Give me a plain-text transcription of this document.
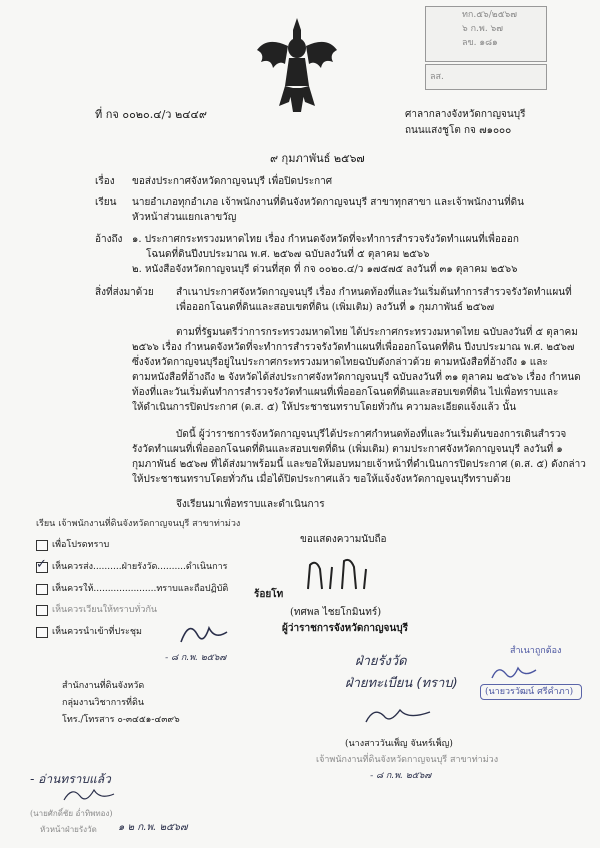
ทก.๕๖/๒๕๖๗
๖ ก.พ. ๖๗
ลข. ๑๘๑
ลส.
ที่ กจ ๐๐๒๐.๔/ว ๒๔๔๙	ศาลากลางจังหวัดกาญจนบุรี
ถนนแสงชูโต กจ ๗๑๐๐๐
๙ กุมภาพันธ์ ๒๕๖๗
เรื่อง ขอส่งประกาศจังหวัดกาญจนบุรี เพื่อปิดประกาศ
เรียน นายอำเภอทุกอำเภอ เจ้าพนักงานที่ดินจังหวัดกาญจนบุรี สาขาทุกสาขา และเจ้าพนักงานที่ดิน
หัวหน้าส่วนแยกเลาขวัญ
อ้างถึง ๑. ประกาศกระทรวงมหาดไทย เรื่อง กำหนดจังหวัดที่จะทำการสำรวจรังวัดทำแผนที่เพื่อออก
โฉนดที่ดินปีงบประมาณ พ.ศ. ๒๕๖๗ ฉบับลงวันที่ ๕ ตุลาคม ๒๕๖๖
๒. หนังสือจังหวัดกาญจนบุรี ด่วนที่สุด ที่ กจ ๐๐๒๐.๔/ว ๑๗๕๗๕ ลงวันที่ ๓๑ ตุลาคม ๒๕๖๖
สิ่งที่ส่งมาด้วย สำเนาประกาศจังหวัดกาญจนบุรี เรื่อง กำหนดท้องที่และวันเริ่มต้นทำการสำรวจรังวัดทำแผนที่
เพื่อออกโฉนดที่ดินและสอบเขตที่ดิน (เพิ่มเติม) ลงวันที่ ๑ กุมภาพันธ์ ๒๕๖๗
ตามที่รัฐมนตรีว่าการกระทรวงมหาดไทย ได้ประกาศกระทรวงมหาดไทย ฉบับลงวันที่ ๕ ตุลาคม
๒๕๖๖ เรื่อง กำหนดจังหวัดที่จะทำการสำรวจรังวัดทำแผนที่เพื่อออกโฉนดที่ดิน ปีงบประมาณ พ.ศ. ๒๕๖๗
ซึ่งจังหวัดกาญจนบุรีอยู่ในประกาศกระทรวงมหาดไทยฉบับดังกล่าวด้วย ตามหนังสือที่อ้างถึง ๑ และ
ตามหนังสือที่อ้างถึง ๒ จังหวัดได้ส่งประกาศจังหวัดกาญจนบุรี ฉบับลงวันที่ ๓๑ ตุลาคม ๒๕๖๖ เรื่อง กำหนด
ท้องที่และวันเริ่มต้นทำการสำรวจรังวัดทำแผนที่เพื่อออกโฉนดที่ดินและสอบเขตที่ดิน ไปเพื่อทราบและ
ให้ดำเนินการปิดประกาศ (ด.ส. ๕) ให้ประชาชนทราบโดยทั่วกัน ความละเอียดแจ้งแล้ว นั้น
บัดนี้ ผู้ว่าราชการจังหวัดกาญจนบุรีได้ประกาศกำหนดท้องที่และวันเริ่มต้นของการเดินสำรวจ
รังวัดทำแผนที่เพื่อออกโฉนดที่ดินและสอบเขตที่ดิน (เพิ่มเติม) ตามประกาศจังหวัดกาญจนบุรี ลงวันที่ ๑
กุมภาพันธ์ ๒๕๖๗ ที่ได้ส่งมาพร้อมนี้ และขอให้มอบหมายเจ้าหน้าที่ดำเนินการปิดประกาศ (ด.ส. ๕) ดังกล่าว
ให้ประชาชนทราบโดยทั่วกัน เมื่อได้ปิดประกาศแล้ว ขอให้แจ้งจังหวัดกาญจนบุรีทราบด้วย
จึงเรียนมาเพื่อทราบและดำเนินการ
เรียน เจ้าพนักงานที่ดินจังหวัดกาญจนบุรี สาขาท่าม่วง
เพื่อโปรดทราบ
✓ เห็นควรส่ง..........ฝ่ายรังวัด..........ดำเนินการ
เห็นควรให้......................ทราบและถือปฏิบัติ
เห็นควรเวียนให้ทราบทั่วกัน
เห็นควรนำเข้าที่ประชุม
- ๘ ก.พ. ๒๕๖๗
ขอแสดงความนับถือ
ร้อยโท
(ทศพล ไชยโกมินทร์)
ผู้ว่าราชการจังหวัดกาญจนบุรี
ฝ่ายรังวัด
ฝ่ายทะเบียน (ทราบ)
สำเนาถูกต้อง
(นายวรวัฒน์ ศรีคำภา)
สำนักงานที่ดินจังหวัด
กลุ่มงานวิชาการที่ดิน
โทร./โทรสาร ๐-๓๔๕๑-๔๓๙๖
(นางสาววันเพ็ญ จันทร์เพ็ญ)
เจ้าพนักงานที่ดินจังหวัดกาญจนบุรี สาขาท่าม่วง
- ๘ ก.พ. ๒๕๖๗
- อ่านทราบแล้ว
(นายศักดิ์ชัย อ่ำทิพทอง)
หัวหน้าฝ่ายรังวัด ๑ ๒ ก.พ. ๒๕๖๗
